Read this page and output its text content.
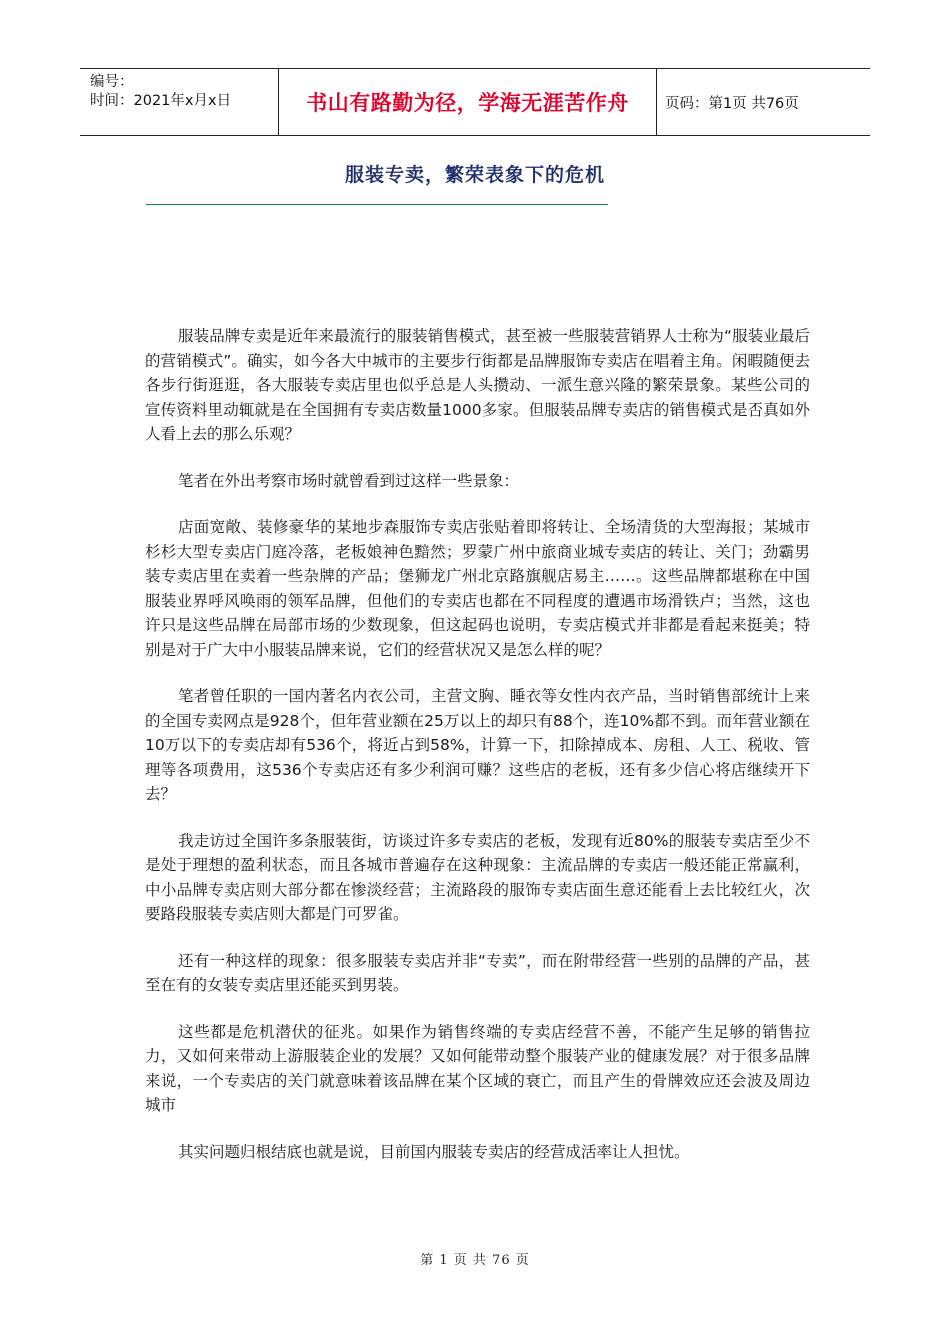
编号：
时间：2021年x月x日	书山有路勤为径，学海无涯苦作舟	页码：第1页 共76页
服装专卖，繁荣表象下的危机

服装品牌专卖是近年来最流行的服装销售模式，甚至被一些服装营销界人士称为“服装业最后的营销模式”。确实，如今各大中城市的主要步行街都是品牌服饰专卖店在唱着主角。闲暇随便去各步行街逛逛，各大服装专卖店里也似乎总是人头攒动、一派生意兴隆的繁荣景象。某些公司的宣传资料里动辄就是在全国拥有专卖店数量1000多家。但服装品牌专卖店的销售模式是否真如外人看上去的那么乐观？

笔者在外出考察市场时就曾看到过这样一些景象：

店面宽敞、装修豪华的某地步森服饰专卖店张贴着即将转让、全场清货的大型海报；某城市杉杉大型专卖店门庭冷落，老板娘神色黯然；罗蒙广州中旅商业城专卖店的转让、关门；劲霸男装专卖店里在卖着一些杂牌的产品；堡狮龙广州北京路旗舰店易主……。这些品牌都堪称在中国服装业界呼风唤雨的领军品牌，但他们的专卖店也都在不同程度的遭遇市场滑铁卢；当然，这也许只是这些品牌在局部市场的少数现象，但这起码也说明，专卖店模式并非都是看起来挺美；特别是对于广大中小服装品牌来说，它们的经营状况又是怎么样的呢？

笔者曾任职的一国内著名内衣公司，主营文胸、睡衣等女性内衣产品，当时销售部统计上来的全国专卖网点是928个，但年营业额在25万以上的却只有88个，连10%都不到。而年营业额在10万以下的专卖店却有536个，将近占到58%，计算一下，扣除掉成本、房租、人工、税收、管理等各项费用，这536个专卖店还有多少利润可赚？这些店的老板，还有多少信心将店继续开下去？

我走访过全国许多条服装街，访谈过许多专卖店的老板，发现有近80%的服装专卖店至少不是处于理想的盈利状态，而且各城市普遍存在这种现象：主流品牌的专卖店一般还能正常赢利，中小品牌专卖店则大部分都在惨淡经营；主流路段的服饰专卖店面生意还能看上去比较红火，次要路段服装专卖店则大都是门可罗雀。

还有一种这样的现象：很多服装专卖店并非“专卖”，而在附带经营一些别的品牌的产品，甚至在有的女装专卖店里还能买到男装。

这些都是危机潜伏的征兆。如果作为销售终端的专卖店经营不善，不能产生足够的销售拉力，又如何来带动上游服装企业的发展？又如何能带动整个服装产业的健康发展？对于很多品牌来说，一个专卖店的关门就意味着该品牌在某个区域的衰亡，而且产生的骨牌效应还会波及周边城市

其实问题归根结底也就是说，目前国内服装专卖店的经营成活率让人担忧。

第 1 页 共 76 页
